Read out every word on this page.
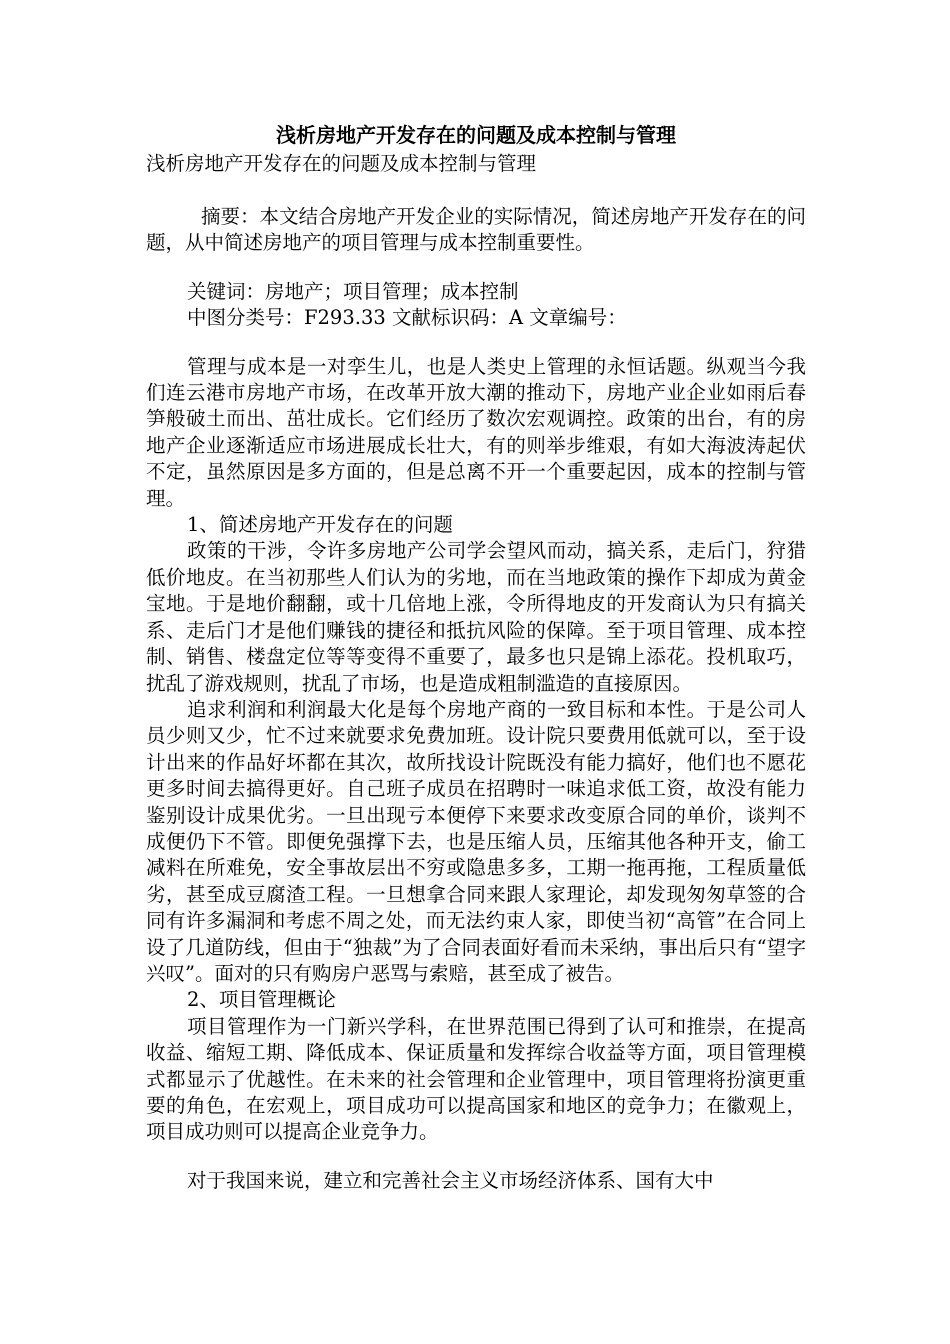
浅析房地产开发存在的问题及成本控制与管理

浅析房地产开发存在的问题及成本控制与管理

摘要：本文结合房地产开发企业的实际情况，简述房地产开发存在的问题，从中简述房地产的项目管理与成本控制重要性。

关键词：房地产；项目管理；成本控制

中图分类号：F293.33 文献标识码：A 文章编号：

管理与成本是一对孪生儿，也是人类史上管理的永恒话题。纵观当今我们连云港市房地产市场，在改革开放大潮的推动下，房地产业企业如雨后春笋般破土而出、茁壮成长。它们经历了数次宏观调控。政策的出台，有的房地产企业逐渐适应市场进展成长壮大，有的则举步维艰，有如大海波涛起伏不定，虽然原因是多方面的，但是总离不开一个重要起因，成本的控制与管理。

1、简述房地产开发存在的问题

政策的干涉，令许多房地产公司学会望风而动，搞关系，走后门，狩猎低价地皮。在当初那些人们认为的劣地，而在当地政策的操作下却成为黄金宝地。于是地价翻翻，或十几倍地上涨，令所得地皮的开发商认为只有搞关系、走后门才是他们赚钱的捷径和抵抗风险的保障。至于项目管理、成本控制、销售、楼盘定位等等变得不重要了，最多也只是锦上添花。投机取巧，扰乱了游戏规则，扰乱了市场，也是造成粗制滥造的直接原因。

追求利润和利润最大化是每个房地产商的一致目标和本性。于是公司人员少则又少，忙不过来就要求免费加班。设计院只要费用低就可以，至于设计出来的作品好坏都在其次，故所找设计院既没有能力搞好，他们也不愿花更多时间去搞得更好。自己班子成员在招聘时一味追求低工资，故没有能力鉴别设计成果优劣。一旦出现亏本便停下来要求改变原合同的单价，谈判不成便仍下不管。即便免强撑下去，也是压缩人员，压缩其他各种开支，偷工减料在所难免，安全事故层出不穷或隐患多多，工期一拖再拖，工程质量低劣，甚至成豆腐渣工程。一旦想拿合同来跟人家理论，却发现匆匆草签的合同有许多漏洞和考虑不周之处，而无法约束人家，即使当初“高管”在合同上设了几道防线，但由于“独裁”为了合同表面好看而未采纳，事出后只有“望字兴叹”。面对的只有购房户恶骂与索赔，甚至成了被告。

2、项目管理概论

项目管理作为一门新兴学科，在世界范围已得到了认可和推崇，在提高收益、缩短工期、降低成本、保证质量和发挥综合收益等方面，项目管理模式都显示了优越性。在未来的社会管理和企业管理中，项目管理将扮演更重要的角色，在宏观上，项目成功可以提高国家和地区的竞争力；在徽观上，项目成功则可以提高企业竞争力。

对于我国来说，建立和完善社会主义市场经济体系、国有大中
